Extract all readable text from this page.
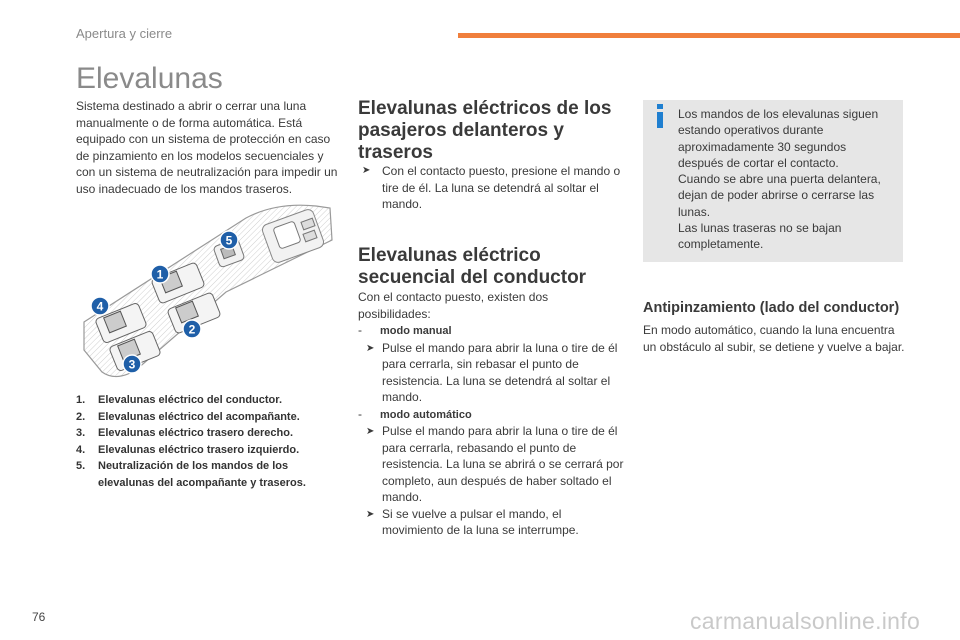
Apertura y cierre
Elevalunas
Sistema destinado a abrir o cerrar una luna manualmente o de forma automática. Está equipado con un sistema de protección en caso de pinzamiento en los modelos secuenciales y con un sistema de neutralización para impedir un uso inadecuado de los mandos traseros.
1
2
3
4
5
1. Elevalunas eléctrico del conductor.
2. Elevalunas eléctrico del acompañante.
3. Elevalunas eléctrico trasero derecho.
4. Elevalunas eléctrico trasero izquierdo.
5. Neutralización de los mandos de los elevalunas del acompañante y traseros.
Elevalunas eléctricos de los pasajeros delanteros y traseros
➤ Con el contacto puesto, presione el mando o tire de él. La luna se detendrá al soltar el mando.
Elevalunas eléctrico secuencial del conductor
Con el contacto puesto, existen dos posibilidades:
- modo manual
➤ Pulse el mando para abrir la luna o tire de él para cerrarla, sin rebasar el punto de resistencia. La luna se detendrá al soltar el mando.
- modo automático
➤ Pulse el mando para abrir la luna o tire de él para cerrarla, rebasando el punto de resistencia. La luna se abrirá o se cerrará por completo, aun después de haber soltado el mando.
➤ Si se vuelve a pulsar el mando, el movimiento de la luna se interrumpe.
Los mandos de los elevalunas siguen estando operativos durante aproximadamente 30 segundos después de cortar el contacto.
Cuando se abre una puerta delantera, dejan de poder abrirse o cerrarse las lunas.
Las lunas traseras no se bajan completamente.
Antipinzamiento (lado del conductor)
En modo automático, cuando la luna encuentra un obstáculo al subir, se detiene y vuelve a bajar.
76	carmanualsonline.info
